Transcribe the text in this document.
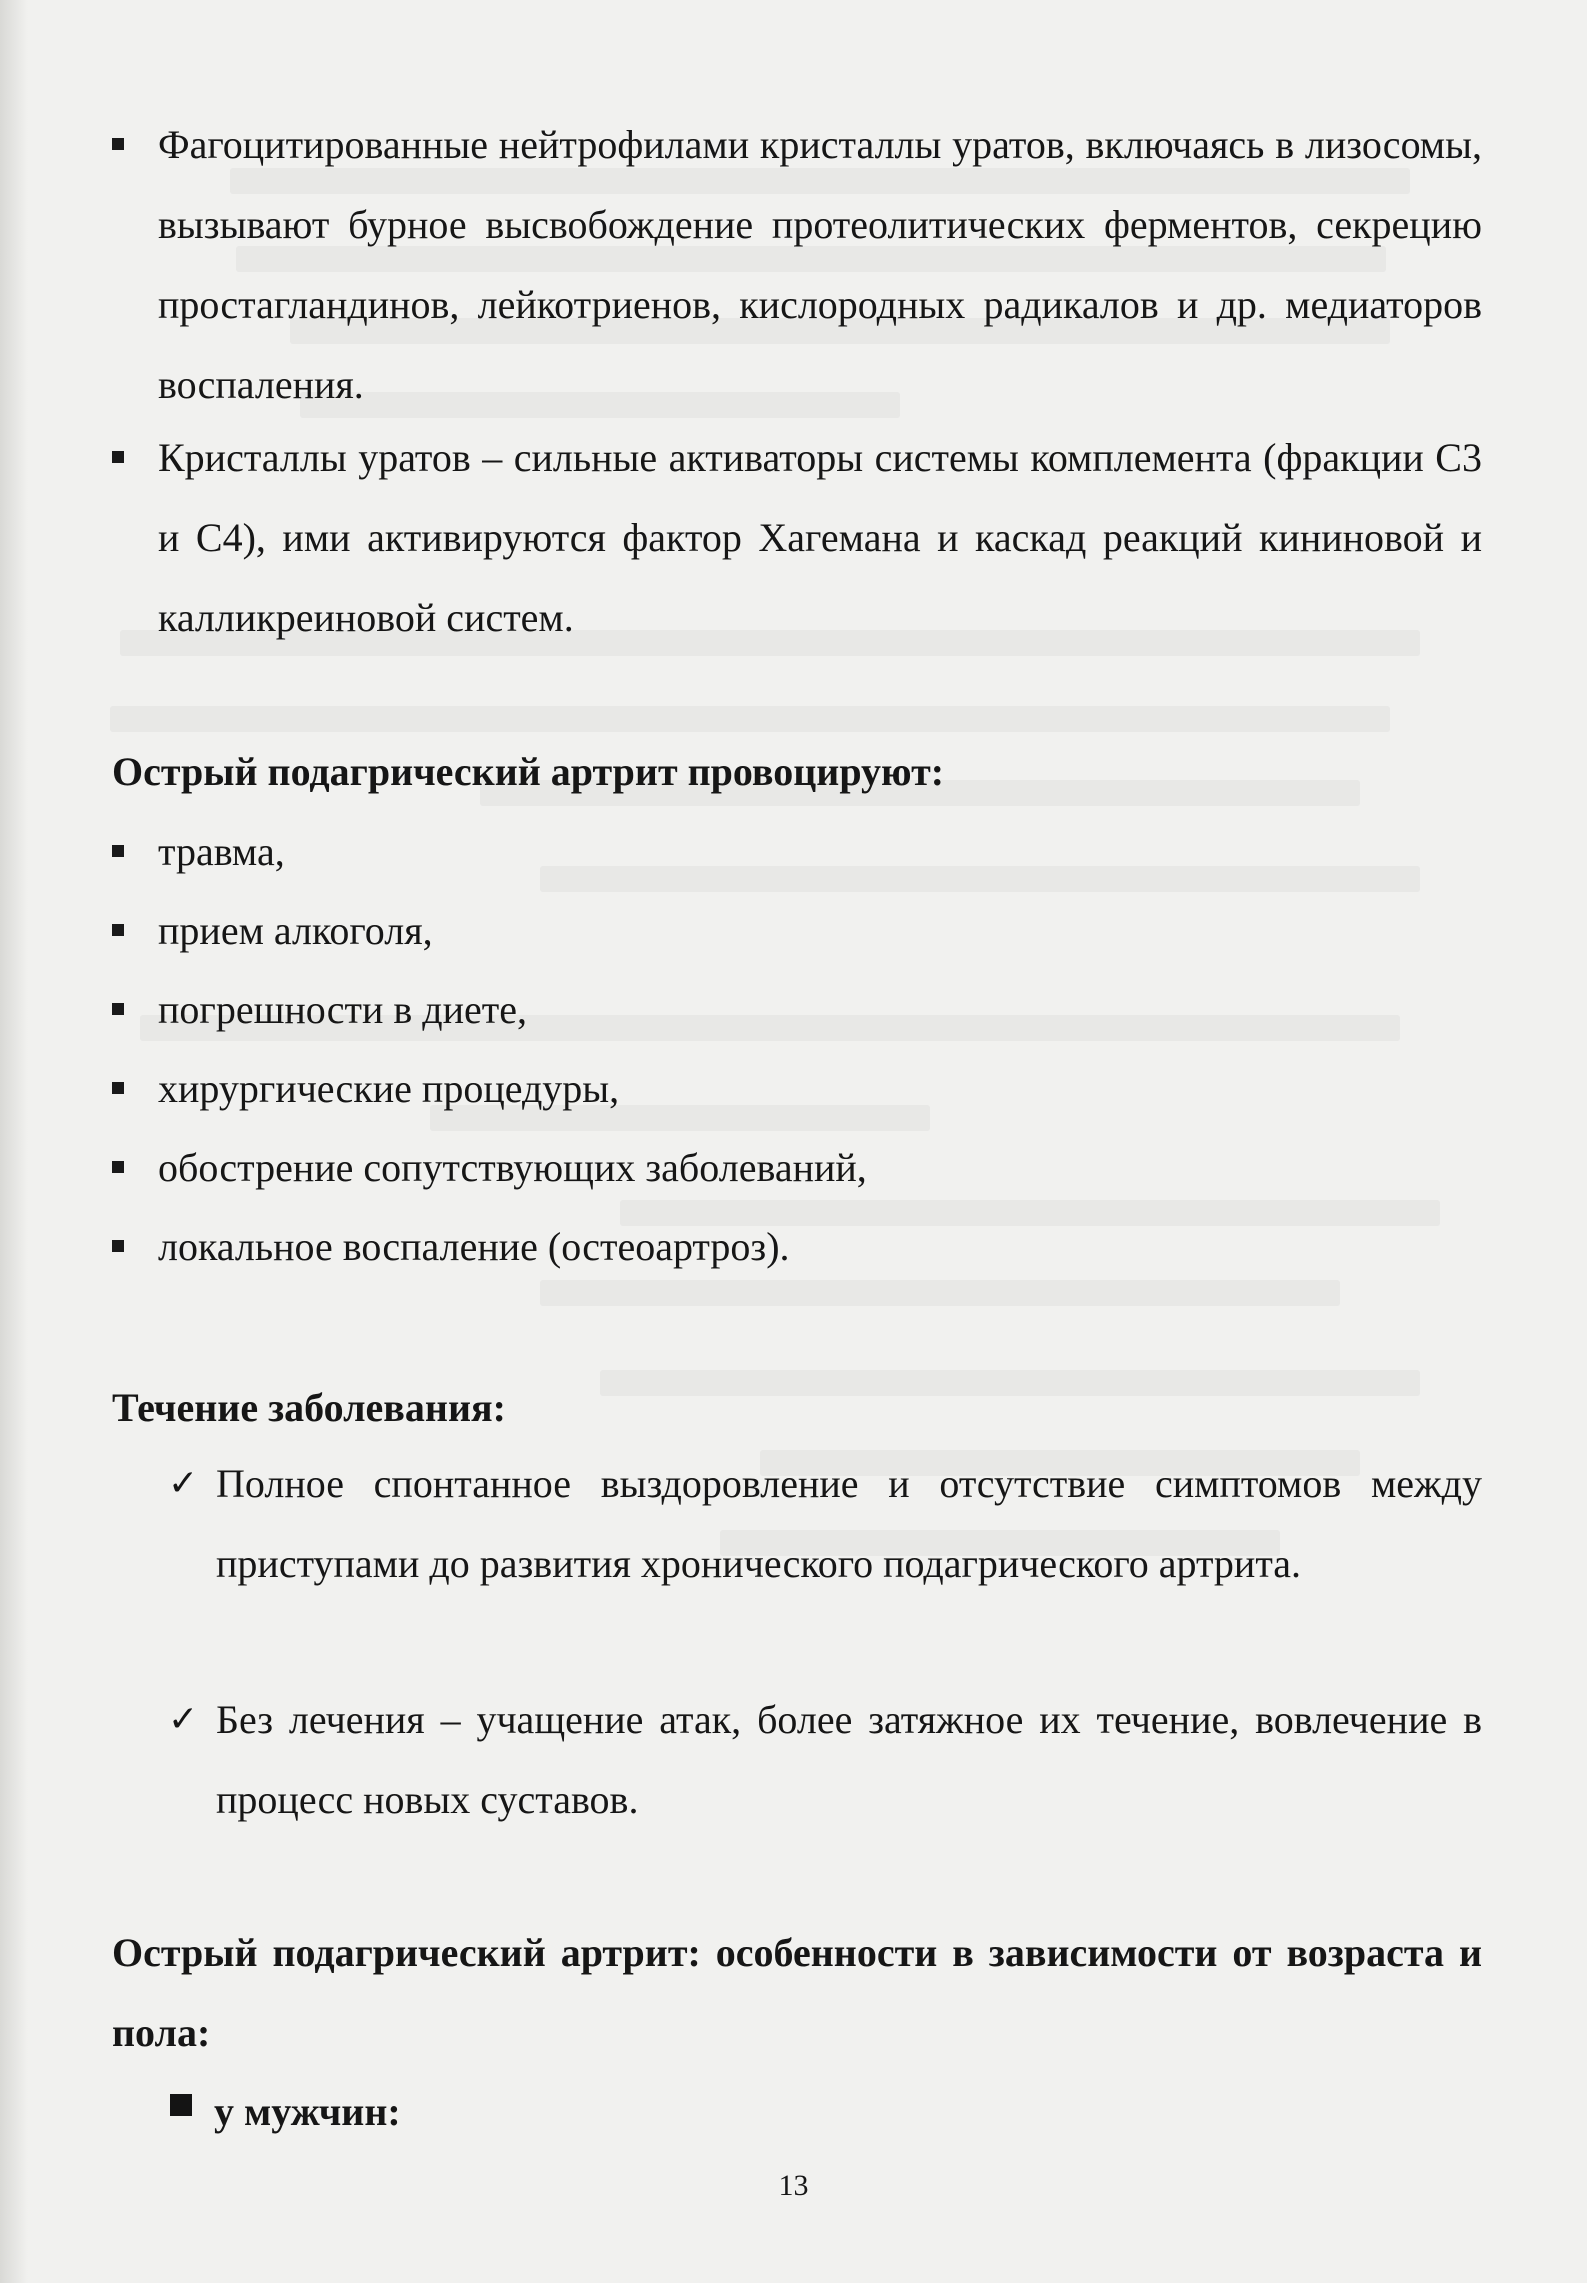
Фагоцитированные нейтрофилами кристаллы уратов, включаясь в лизосомы, вызывают бурное высвобождение протеолитических ферментов, секрецию простагландинов, лейкотриенов, кислородных радикалов и др. медиаторов воспаления.
Кристаллы уратов – сильные активаторы системы комплемента (фракции С3 и С4), ими активируются фактор Хагемана и каскад реакций кининовой и калликреиновой систем.
Острый подагрический артрит провоцируют:
травма,
прием алкоголя,
погрешности в диете,
хирургические процедуры,
обострение сопутствующих заболеваний,
локальное воспаление (остеоартроз).
Течение заболевания:
✓ Полное спонтанное выздоровление и отсутствие симптомов между приступами до развития хронического подагрического артрита.
✓ Без лечения – учащение атак, более затяжное их течение, вовлечение в процесс новых суставов.
Острый подагрический артрит: особенности в зависимости от возраста и пола:
у мужчин:
13
